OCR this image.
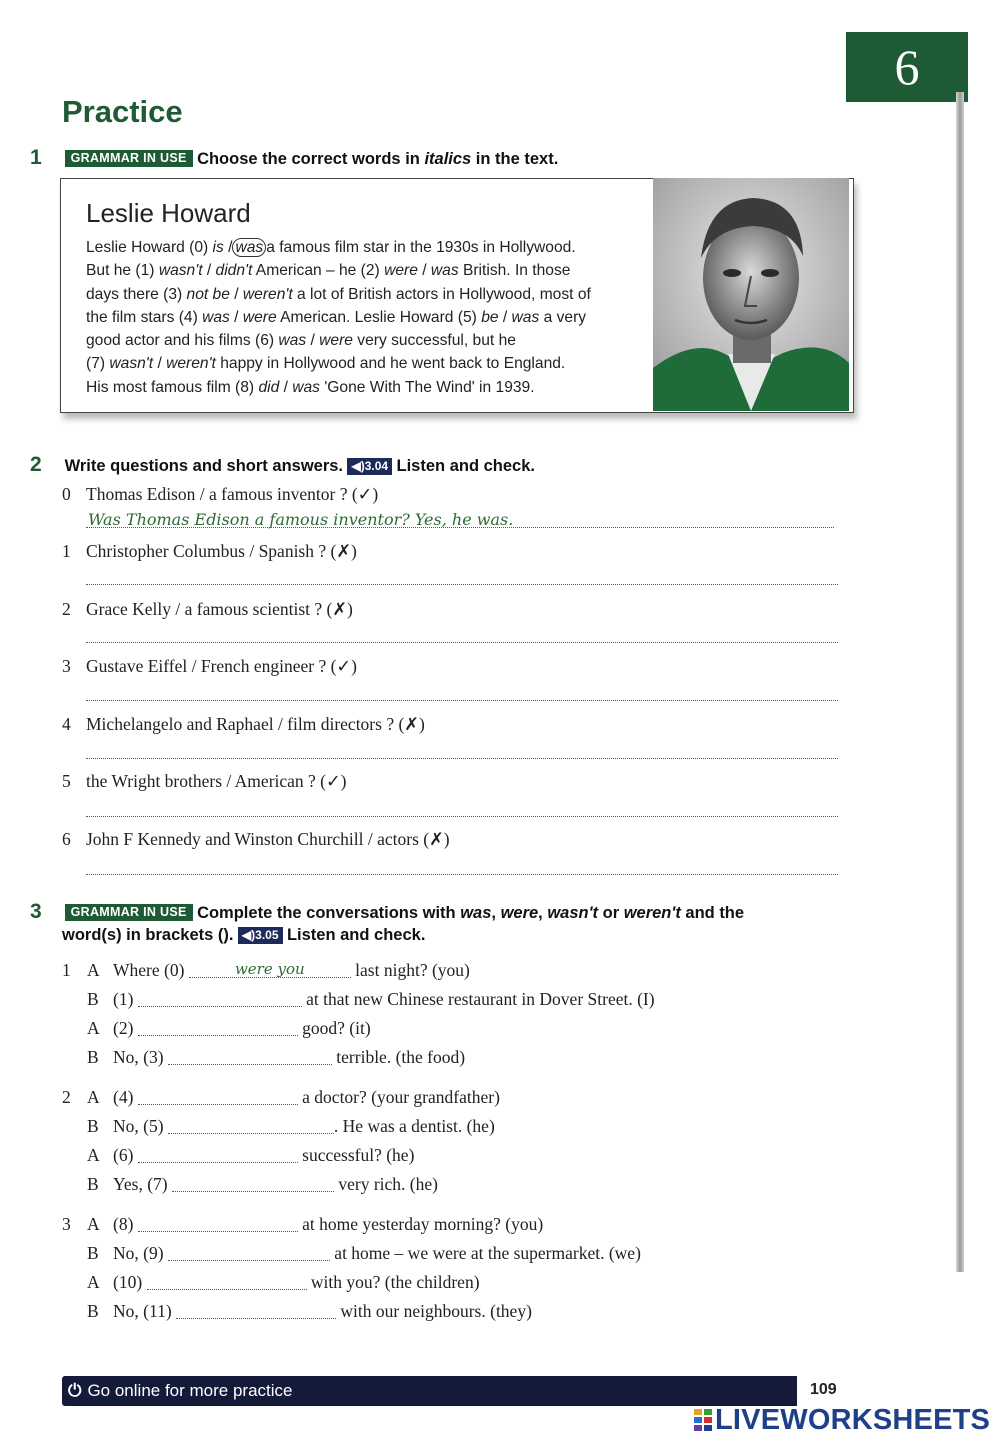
6
Practice
1 GRAMMAR IN USE Choose the correct words in italics in the text.
Leslie Howard
Leslie Howard (0) is / was a famous film star in the 1930s in Hollywood.
But he (1) wasn't / didn't American – he (2) were / was British. In those
days there (3) not be / weren't a lot of British actors in Hollywood, most of
the film stars (4) was / were American. Leslie Howard (5) be / was a very
good actor and his films (6) was / were very successful, but he
(7) wasn't / weren't happy in Hollywood and he went back to England.
His most famous film (8) did / was 'Gone With The Wind' in 1939.
2 Write questions and short answers. ◀)3.04 Listen and check.
0 Thomas Edison / a famous inventor ? (✓)
Was Thomas Edison a famous inventor? Yes, he was.
1 Christopher Columbus / Spanish ? (✗)
2 Grace Kelly / a famous scientist ? (✗)
3 Gustave Eiffel / French engineer ? (✓)
4 Michelangelo and Raphael / film directors ? (✗)
5 the Wright brothers / American ? (✓)
6 John F Kennedy and Winston Churchill / actors (✗)
3 GRAMMAR IN USE Complete the conversations with was, were, wasn't or weren't and the
word(s) in brackets (). ◀)3.05 Listen and check.
1 A Where (0)	were you	last night? (you)
B (1)	at that new Chinese restaurant in Dover Street. (I)
A (2)	good? (it)
B No, (3)	terrible. (the food)
2 A (4)	a doctor? (your grandfather)
B No, (5)	. He was a dentist. (he)
A (6)	successful? (he)
B Yes, (7)	very rich. (he)
3 A (8)	at home yesterday morning? (you)
B No, (9)	at home – we were at the supermarket. (we)
A (10)	with you? (the children)
B No, (11)	with our neighbours. (they)
⏻ Go online for more practice	109
LIVEWORKSHEETS
